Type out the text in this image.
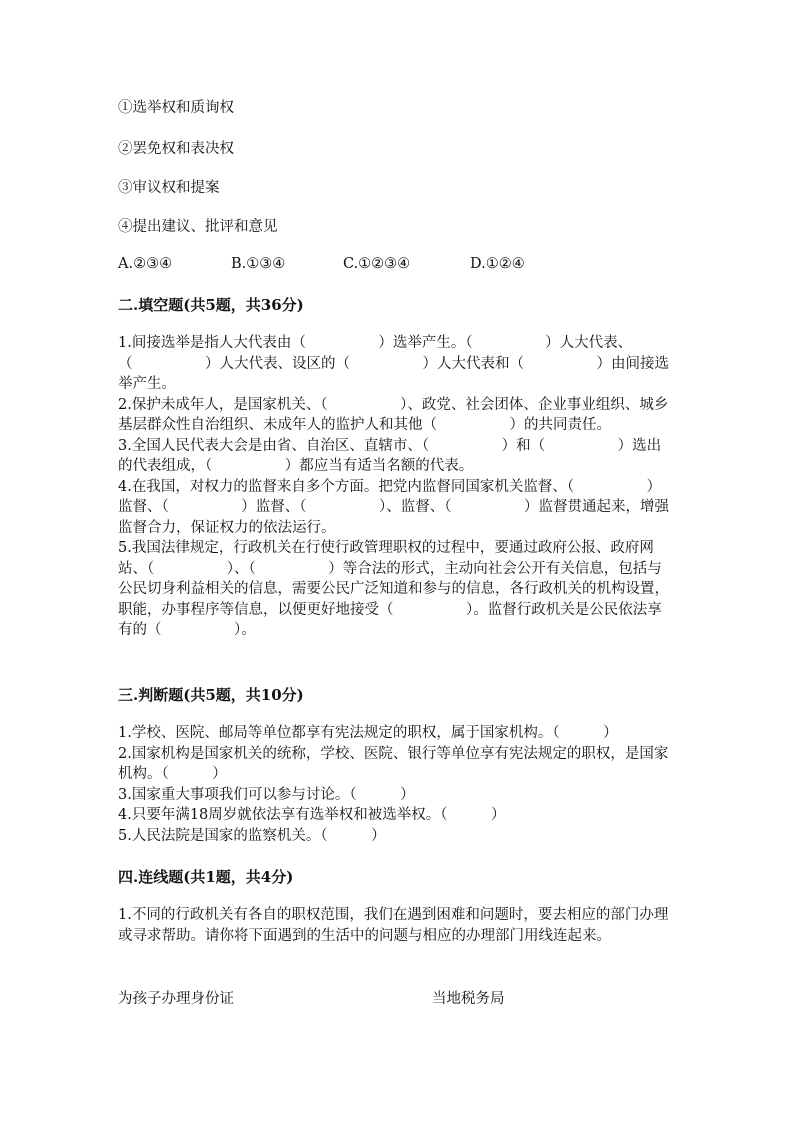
①选举权和质询权
②罢免权和表决权
③审议权和提案
④提出建议、批评和意见
A.②③④	B.①③④	C.①②③④	D.①②④
二.填空题(共5题，共36分)

1.间接选举是指人大代表由（　　　　　）选举产生。（　　　　　）人大代表、（　　　　　）人大代表、设区的（　　　　　）人大代表和（　　　　　）由间接选举产生。

2.保护未成年人，是国家机关、（　　　　　）、政党、社会团体、企业事业组织、城乡基层群众性自治组织、未成年人的监护人和其他（　　　　　）的共同责任。

3.全国人民代表大会是由省、自治区、直辖市、（　　　　　）和（　　　　　）选出的代表组成，（　　　　　）都应当有适当名额的代表。

4.在我国，对权力的监督来自多个方面。把党内监督同国家机关监督、（　　　　　）监督、（　　　　　）监督、（　　　　　）、监督、（　　　　　）监督贯通起来，增强监督合力，保证权力的依法运行。

5.我国法律规定，行政机关在行使行政管理职权的过程中，要通过政府公报、政府网站、（　　　　　）、（　　　　　）等合法的形式，主动向社会公开有关信息，包括与公民切身利益相关的信息，需要公民广泛知道和参与的信息，各行政机关的机构设置，职能，办事程序等信息，以便更好地接受（　　　　　）。监督行政机关是公民依法享有的（　　　　　）。

三.判断题(共5题，共10分)

1.学校、医院、邮局等单位都享有宪法规定的职权，属于国家机构。（　　　）

2.国家机构是国家机关的统称，学校、医院、银行等单位享有宪法规定的职权，是国家机构。（　　　）

3.国家重大事项我们可以参与讨论。（　　　）

4.只要年满18周岁就依法享有选举权和被选举权。（　　　）

5.人民法院是国家的监察机关。（　　　）

四.连线题(共1题，共4分)

1.不同的行政机关有各自的职权范围，我们在遇到困难和问题时，要去相应的部门办理或寻求帮助。请你将下面遇到的生活中的问题与相应的办理部门用线连起来。

为孩子办理身份证	当地税务局
